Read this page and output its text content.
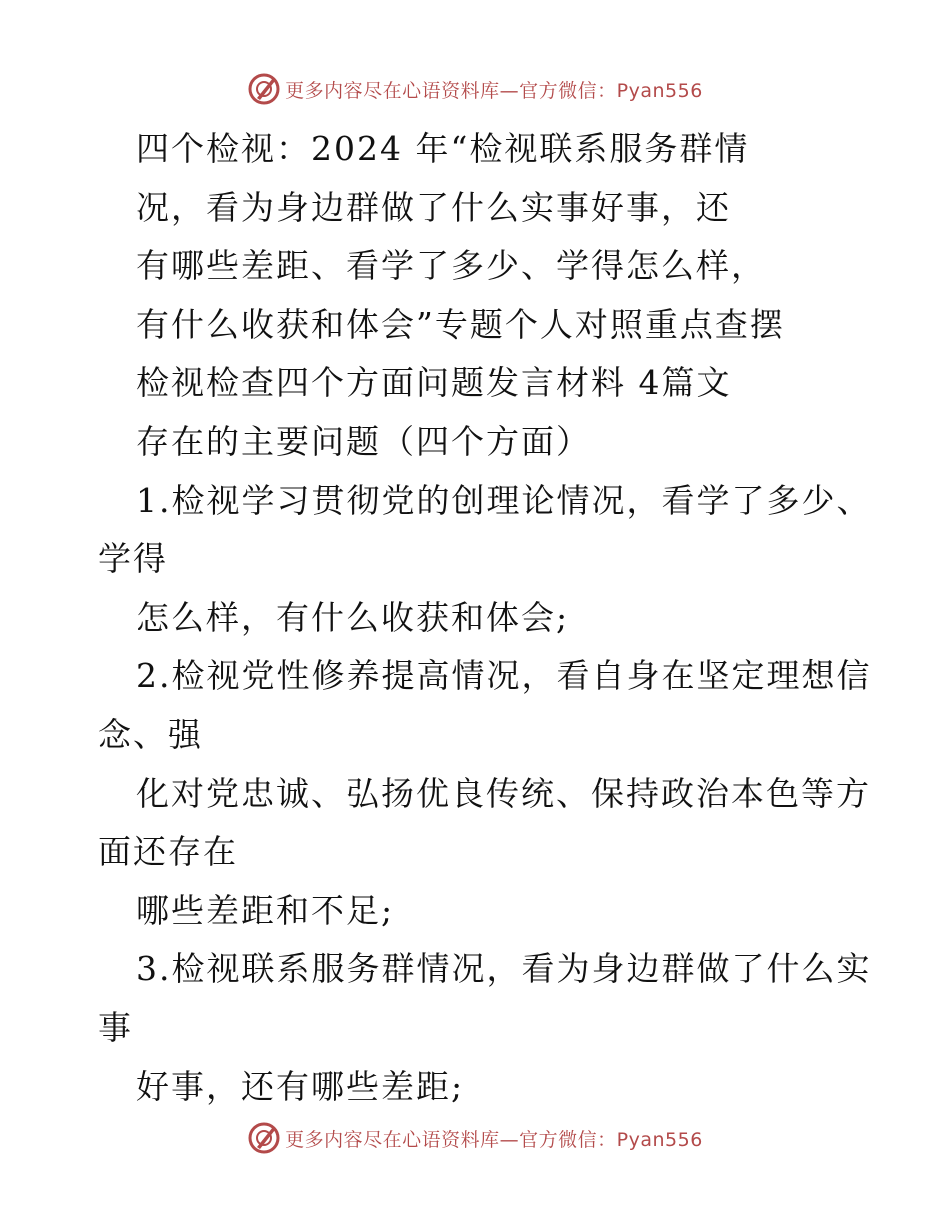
更多内容尽在心语资料库—官方微信：Pyan556
四个检视：2024 年“检视联系服务群情
况，看为身边群做了什么实事好事，还
有哪些差距、看学了多少、学得怎么样，
有什么收获和体会”专题个人对照重点查摆
检视检查四个方面问题发言材料 4篇文
存在的主要问题（四个方面）
1.检视学习贯彻党的创理论情况，看学了多少、
学得
怎么样，有什么收获和体会;
2.检视党性修养提高情况，看自身在坚定理想信
念、强
化对党忠诚、弘扬优良传统、保持政治本色等方
面还存在
哪些差距和不足;
3.检视联系服务群情况，看为身边群做了什么实
事
好事，还有哪些差距;
更多内容尽在心语资料库—官方微信：Pyan556
